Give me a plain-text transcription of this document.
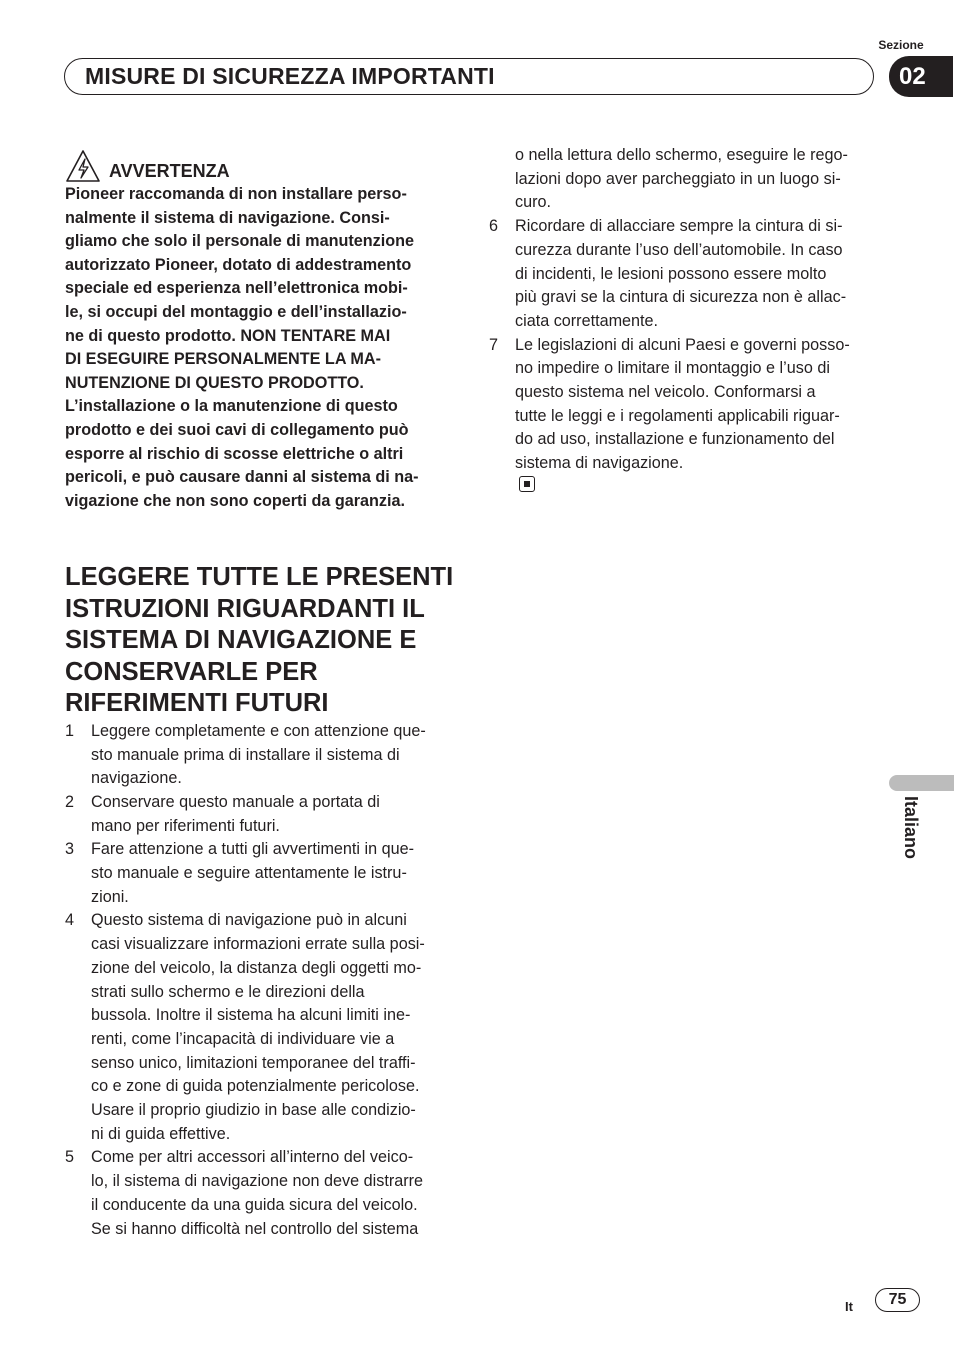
Sezione
02
MISURE DI SICUREZZA IMPORTANTI
AVVERTENZA
Pioneer raccomanda di non installare perso-
nalmente il sistema di navigazione. Consi-
gliamo che solo il personale di manutenzione
autorizzato Pioneer, dotato di addestramento
speciale ed esperienza nell’elettronica mobi-
le, si occupi del montaggio e dell’installazio-
ne di questo prodotto. NON TENTARE MAI
DI ESEGUIRE PERSONALMENTE LA MA-
NUTENZIONE DI QUESTO PRODOTTO.
L’installazione o la manutenzione di questo
prodotto e dei suoi cavi di collegamento può
esporre al rischio di scosse elettriche o altri
pericoli, e può causare danni al sistema di na-
vigazione che non sono coperti da garanzia.
LEGGERE TUTTE LE PRESENTI
ISTRUZIONI RIGUARDANTI IL
SISTEMA DI NAVIGAZIONE E
CONSERVARLE PER
RIFERIMENTI FUTURI
1	Leggere completamente e con attenzione que-
sto manuale prima di installare il sistema di
navigazione.
2	Conservare questo manuale a portata di
mano per riferimenti futuri.
3	Fare attenzione a tutti gli avvertimenti in que-
sto manuale e seguire attentamente le istru-
zioni.
4	Questo sistema di navigazione può in alcuni
casi visualizzare informazioni errate sulla posi-
zione del veicolo, la distanza degli oggetti mo-
strati sullo schermo e le direzioni della
bussola. Inoltre il sistema ha alcuni limiti ine-
renti, come l’incapacità di individuare vie a
senso unico, limitazioni temporanee del traffi-
co e zone di guida potenzialmente pericolose.
Usare il proprio giudizio in base alle condizio-
ni di guida effettive.
5	Come per altri accessori all’interno del veico-
lo, il sistema di navigazione non deve distrarre
il conducente da una guida sicura del veicolo.
Se si hanno difficoltà nel controllo del sistema
o nella lettura dello schermo, eseguire le rego-
lazioni dopo aver parcheggiato in un luogo si-
curo.
6	Ricordare di allacciare sempre la cintura di si-
curezza durante l’uso dell’automobile. In caso
di incidenti, le lesioni possono essere molto
più gravi se la cintura di sicurezza non è allac-
ciata correttamente.
7	Le legislazioni di alcuni Paesi e governi posso-
no impedire o limitare il montaggio e l’uso di
questo sistema nel veicolo. Conformarsi a
tutte le leggi e i regolamenti applicabili riguar-
do ad uso, installazione e funzionamento del
sistema di navigazione.
Italiano
It	75
